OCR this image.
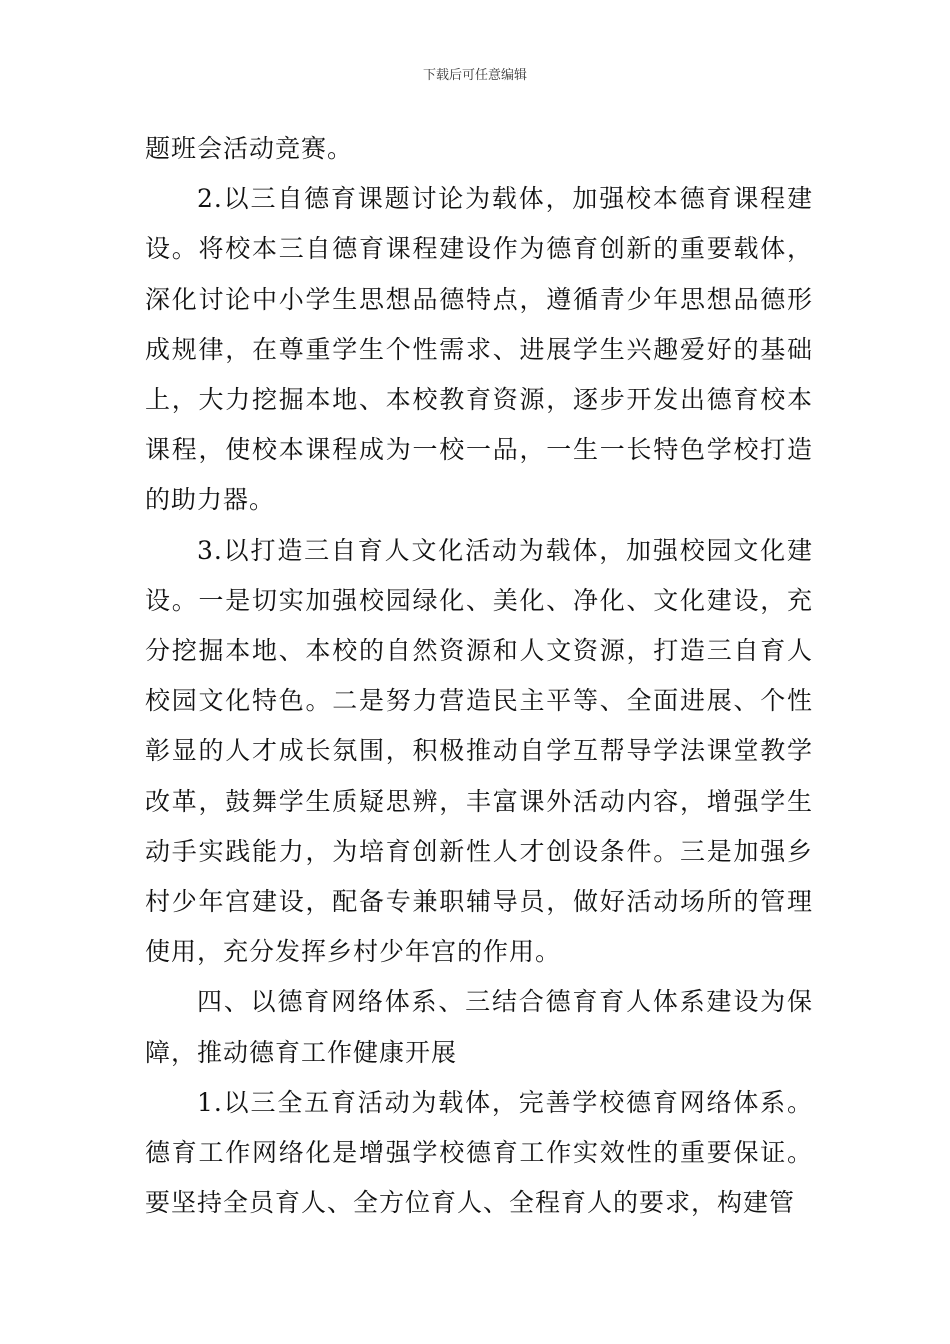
下载后可任意编辑

题班会活动竞赛。

2.以三自德育课题讨论为载体，加强校本德育课程建设。将校本三自德育课程建设作为德育创新的重要载体，深化讨论中小学生思想品德特点，遵循青少年思想品德形成规律，在尊重学生个性需求、进展学生兴趣爱好的基础上，大力挖掘本地、本校教育资源，逐步开发出德育校本课程，使校本课程成为一校一品，一生一长特色学校打造的助力器。

3.以打造三自育人文化活动为载体，加强校园文化建设。一是切实加强校园绿化、美化、净化、文化建设，充分挖掘本地、本校的自然资源和人文资源，打造三自育人校园文化特色。二是努力营造民主平等、全面进展、个性彰显的人才成长氛围，积极推动自学互帮导学法课堂教学改革，鼓舞学生质疑思辨，丰富课外活动内容，增强学生动手实践能力，为培育创新性人才创设条件。三是加强乡村少年宫建设，配备专兼职辅导员，做好活动场所的管理使用，充分发挥乡村少年宫的作用。

四、以德育网络体系、三结合德育育人体系建设为保障，推动德育工作健康开展

1.以三全五育活动为载体，完善学校德育网络体系。德育工作网络化是增强学校德育工作实效性的重要保证。要坚持全员育人、全方位育人、全程育人的要求，构建管
